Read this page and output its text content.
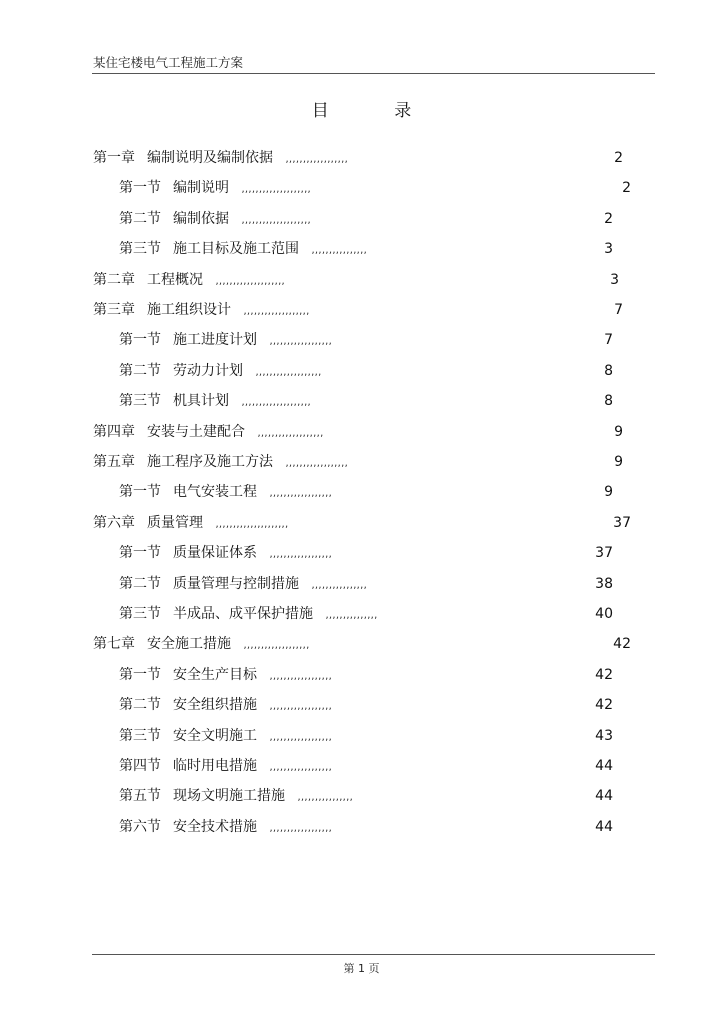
某住宅楼电气工程施工方案
目 录
第一章 编制说明及编制依据 ,,,,,,,,,,,,,,,,,,	2
第一节 编制说明 ,,,,,,,,,,,,,,,,,,,,	2
第二节 编制依据 ,,,,,,,,,,,,,,,,,,,,	2
第三节 施工目标及施工范围 ,,,,,,,,,,,,,,,,	3
第二章 工程概况 ,,,,,,,,,,,,,,,,,,,,	3
第三章 施工组织设计 ,,,,,,,,,,,,,,,,,,,	7
第一节 施工进度计划 ,,,,,,,,,,,,,,,,,,	7
第二节 劳动力计划 ,,,,,,,,,,,,,,,,,,,	8
第三节 机具计划 ,,,,,,,,,,,,,,,,,,,,	8
第四章 安装与土建配合 ,,,,,,,,,,,,,,,,,,,	9
第五章 施工程序及施工方法 ,,,,,,,,,,,,,,,,,,	9
第一节 电气安装工程 ,,,,,,,,,,,,,,,,,,	9
第六章 质量管理 ,,,,,,,,,,,,,,,,,,,,,	37
第一节 质量保证体系 ,,,,,,,,,,,,,,,,,,	37
第二节 质量管理与控制措施 ,,,,,,,,,,,,,,,,	38
第三节 半成品、成平保护措施 ,,,,,,,,,,,,,,,	40
第七章 安全施工措施 ,,,,,,,,,,,,,,,,,,,	42
第一节 安全生产目标 ,,,,,,,,,,,,,,,,,,	42
第二节 安全组织措施 ,,,,,,,,,,,,,,,,,,	42
第三节 安全文明施工 ,,,,,,,,,,,,,,,,,,	43
第四节 临时用电措施 ,,,,,,,,,,,,,,,,,,	44
第五节 现场文明施工措施 ,,,,,,,,,,,,,,,,	44
第六节 安全技术措施 ,,,,,,,,,,,,,,,,,,	44
第 1 页
